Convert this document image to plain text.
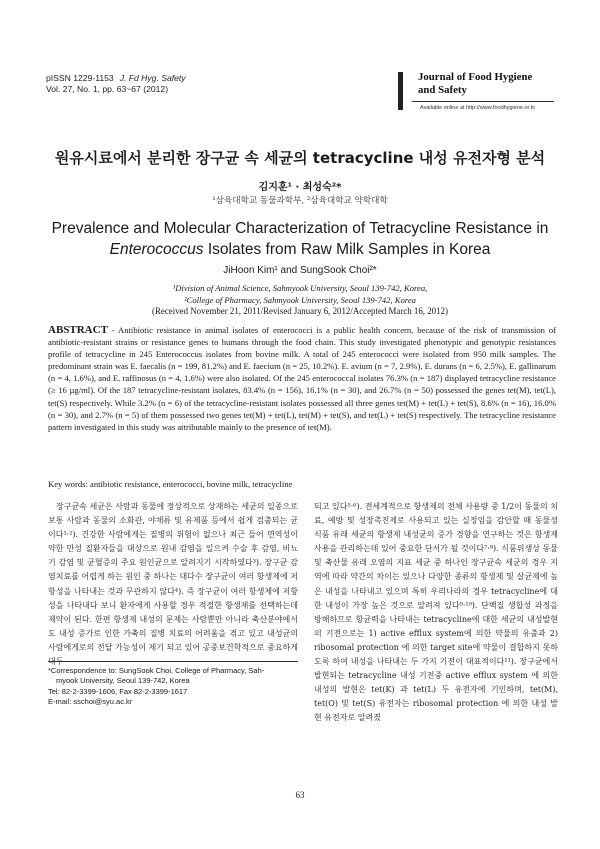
pISSN 1229-1153 J. Fd Hyg. Safety
Vol. 27, No. 1, pp. 63~67 (2012)
Journal of Food Hygiene
and Safety
Available online at http://www.foodhygiene.or.kr
원유시료에서 분리한 장구균 속 세균의 tetracycline 내성 유전자형 분석
김지훈¹ · 최성숙²*
¹삼육대학교 동물과학부, ²삼육대학교 약학대학
Prevalence and Molecular Characterization of Tetracycline Resistance in
Enterococcus Isolates from Raw Milk Samples in Korea
JiHoon Kim¹ and SungSook Choi²*
¹Division of Animal Science, Sahmyook University, Seoul 139-742, Korea,
²College of Pharmacy, Sahmyook University, Seoul 139-742, Korea
(Received November 21, 2011/Revised January 6, 2012/Accepted March 16, 2012)
ABSTRACT - Antibiotic resistance in animal isolates of enterococci is a public health concern, because of the risk of transmission of antibiotic-resistant strains or resistance genes to humans through the food chain. This study investigated phenotypic and genotypic resistances profile of tetracycline in 245 Enterococcus isolates from bovine milk. A total of 245 enterococci were isolated from 950 milk samples. The predominant strain was E. faecalis (n = 199, 81.2%) and E. faecium (n = 25, 10.2%). E. avium (n = 7, 2.9%), E. durans (n = 6, 2.5%), E. gallinarum (n = 4, 1.6%), and E. raffinosus (n = 4, 1.6%) were also isolated. Of the 245 enterococcal isolates 76.3% (n = 187) displayed tetracycline resistance (≥ 16 µg/ml). Of the 187 tetracycline-resistant isolates, 83.4% (n = 156), 16.1% (n = 30), and 26.7% (n = 50) possessed the genes tet(M), tet(L), tet(S) respectively. While 3.2% (n = 6) of the tetracycline-resistant isolates possessed all three genes tet(M) + tet(L) + tet(S), 8.6% (n = 16), 16.0% (n = 30), and 2.7% (n = 5) of them possessed two genes tet(M) + tet(L), tet(M) + tet(S), and tet(L) + tet(S) respectively. The tetracycline resistance pattern investigated in this study was attributable mainly to the presence of tet(M).
Key words: antibiotic resistance, enterococci, bovine milk, tetracycline
장구균속 세균은 사람과 동물에 정상적으로 상재하는 세균의 일종으로 보통 사람과 동물의 소화관, 야채류 및 유제품 등에서 쉽게 검출되는 균이다¹·²). 건강한 사람에게는 질병의 위험이 없으나 최근 들어 면역성이 약한 만성 질환자들을 대상으로 원내 감염을 일으켜 수술 후 감염, 비뇨기 감염 및 균혈증의 주요 원인균으로 알려지기 시작하였다³). 장구균 감염치료를 어렵게 하는 원인 중 하나는 대다수 장구균이 여러 항생제에 저항성을 나타내는 것과 무관하지 않다⁴). 즉 장구균이 여러 항생제에 저항성을 나타내다 보니 환자에게 사용할 경우 적절한 항생제를 선택하는데 제약이 된다. 한편 항생제 내성의 문제는 사람뿐만 아니라 축산분야에서도 내성 증가로 인한 가축의 질병 치료의 어려움을 겪고 있고 내성균의 사람에게로의 전달 가능성이 제기 되고 있어 공중보건학적으로 중요하게
되고 있다⁵·⁶). 전세계적으로 항생제의 전체 사용량 중 1/2이 동물의 치료, 예방 및 성장촉진제로 사용되고 있는 실정임을 감안할 때 동물성 식품 유래 세균의 항생제 내성균의 증가 경향을 연구하는 것은 항생제 사용을 관리하는데 있어 중요한 단서가 될 것이다⁷·⁸). 식품위생상 동물 및 축산물 유래 오염의 지표 세균 중 하나인 장구균속 세균의 경우 지역에 따라 약간의 차이는 있으나 다양한 종류의 항생제 및 살균제에 높은 내성을 나타내고 있으며 특히 우리나라의 경우 tetracycline에 대한 내성이 가장 높은 것으로 알려져 있다⁹·¹⁰). 단백질 생합성 과정을 방해하므로 항균력을 나타내는 tetracycline에 대한 세균의 내성발현의 기전으로는 1) active efflux system에 의한 약물의 유출과 2) ribosomal protection 에 의한 target site에 약물이 결합하지 못하도록 하여 내성을 나타내는 두 가지 기전이 대표적이다¹¹). 장구균에서 발현되는 tetracycline 내성 기전중 active efflux system 에 의한 내성의 발현은 tet(K) 과 tet(L) 두 유전자에 기인하며, tet(M), tet(O) 및 tet(S) 유전자는 ribosomal protection 에 의한 내성 발현 유전자로 알려졌
*Correspondence to: SungSook Choi, College of Pharmacy, Sah-
myook University, Seoul 139-742, Korea
Tel: 82-2-3399-1606, Fax 82-2-3399-1617
E-mail: sschoi@syu.ac.kr
63
